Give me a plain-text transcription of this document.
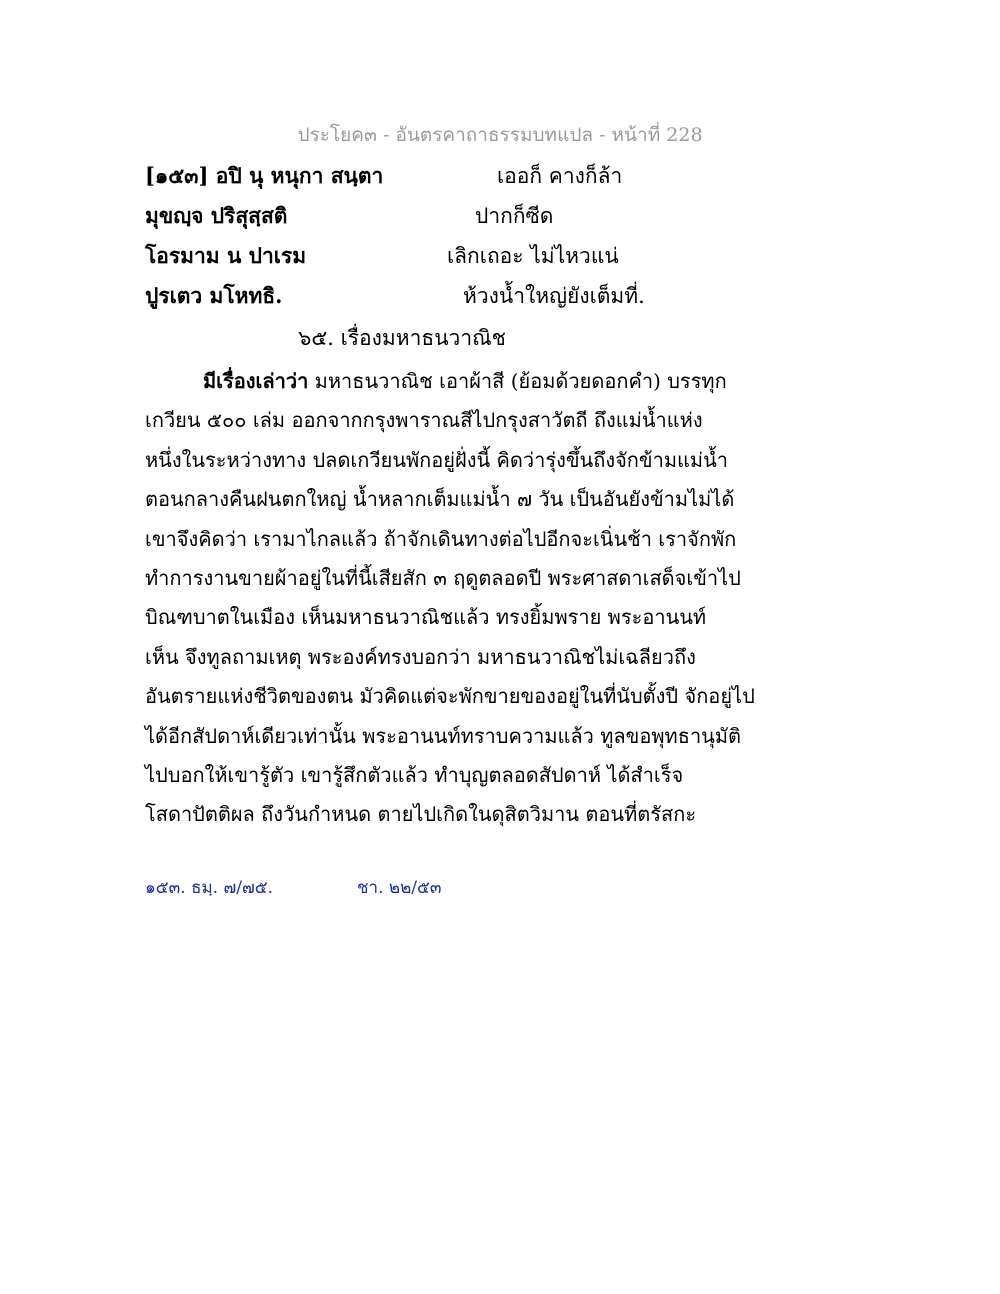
ประโยค๓ - อันตรคาถาธรรมบทแปล - หน้าที่ 228
[๑๕๓] อปิ นุ หนุกา สนฺตา	เออก็ คางก็ล้า
มุขญฺจ ปริสุสฺสติ	ปากก็ซีด
โอรมาม น ปาเรม	เลิกเถอะ ไม่ไหวแน่
ปูรเตว มโหทธิ.	ห้วงน้ำใหญ่ยังเต็มที่.
๖๕. เรื่องมหาธนวาณิช
มีเรื่องเล่าว่า มหาธนวาณิช เอาผ้าสี (ย้อมด้วยดอกคำ) บรรทุก
เกวียน ๕๐๐ เล่ม ออกจากกรุงพาราณสีไปกรุงสาวัตถี ถึงแม่น้ำแห่ง
หนึ่งในระหว่างทาง ปลดเกวียนพักอยู่ฝั่งนี้ คิดว่ารุ่งขึ้นถึงจักข้ามแม่น้ำ
ตอนกลางคืนฝนตกใหญ่ น้ำหลากเต็มแม่น้ำ ๗ วัน เป็นอันยังข้ามไม่ได้
เขาจึงคิดว่า เรามาไกลแล้ว ถ้าจักเดินทางต่อไปอีกจะเนิ่นช้า เราจักพัก
ทำการงานขายผ้าอยู่ในที่นี้เสียสัก ๓ ฤดูตลอดปี พระศาสดาเสด็จเข้าไป
บิณฑบาตในเมือง เห็นมหาธนวาณิชแล้ว ทรงยิ้มพราย พระอานนท์
เห็น จึงทูลถามเหตุ พระองค์ทรงบอกว่า มหาธนวาณิชไม่เฉลียวถึง
อันตรายแห่งชีวิตของตน มัวคิดแต่จะพักขายของอยู่ในที่นับตั้งปี จักอยู่ไป
ได้อีกสัปดาห์เดียวเท่านั้น พระอานนท์ทราบความแล้ว ทูลขอพุทธานุมัติ
ไปบอกให้เขารู้ตัว เขารู้สึกตัวแล้ว ทำบุญตลอดสัปดาห์ ได้สำเร็จ
โสดาปัตติผล ถึงวันกำหนด ตายไปเกิดในดุสิตวิมาน ตอนที่ตรัสกะ
๑๕๓. ธมฺ. ๗/๗๕.	ชา. ๒๒/๕๓
